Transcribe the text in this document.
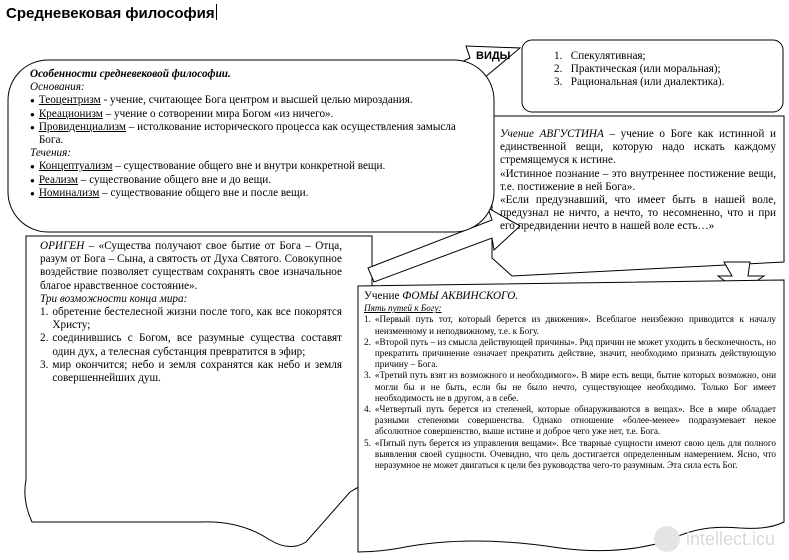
Средневековая философия
ВИДЫ	1.   Спекулятивная;
2.   Практическая (или моральная);
3.   Рациональная (или диалектика).
Особенности средневековой философии.
Основания:
● Теоцентризм - учение, считающее Бога центром и высшей целью мироздания.
● Креационизм – учение о сотворении мира Богом «из ничего».
● Провиденциализм – истолкование исторического процесса как осуществления замысла Бога.
Течения:
● Концептуализм – существование общего вне и внутри конкретной вещи.
● Реализм – существование общего вне и до вещи.
● Номинализм – существование общего вне и после вещи.
Учение АВГУСТИНА – учение о Боге как истинной и единственной вещи, которую надо искать каждому стремящемуся к истине.
«Истинное познание – это внутреннее постижение вещи, т.е. постижение в ней Бога».
«Если предузнавший, что имеет быть в нашей воле, предузнал не ничто, а нечто, то несомненно, что и при его предвидении нечто в нашей воле есть…»
ОРИГЕН – «Существа получают свое бытие от Бога – Отца, разум от Бога – Сына, а святость от Духа Святого. Совокупное воздействие позволяет существам сохранять свое изначальное благое нравственное состояние».
Три возможности конца мира:
1. обретение бестелесной жизни после того, как все покорятся Христу;
2. соединившись с Богом, все разумные существа составят один дух, а телесная субстанция превратится в эфир;
3. мир окончится; небо и земля сохранятся как небо и земля совершеннейших душ.
Учение ФОМЫ АКВИНСКОГО.
Пять путей к Богу:
1. «Первый путь тот, который берется из движения». Всеблагое неизбежно приводится к началу неизменному и неподвижному, т.е. к Богу.
2. «Второй путь – из смысла действующей причины». Ряд причин не может уходить в бесконечность, но прекратить причинение означает прекратить действие, значит, необходимо признать действующую причину – Бога.
3. «Третий путь взят из возможного и необходимого». В мире есть вещи, бытие которых возможно, они могли бы и не быть, если бы не было нечто, существующее необходимо. Только Бог имеет необходимость не в другом, а в себе.
4. «Четвертый путь берется из степеней, которые обнаруживаются в вещах». Все в мире обладает разными степенями совершенства. Однако отношение «более-менее» подразумевает некое абсолютное совершенство, выше истине и доброе чего уже нет, т.е. Бога.
5. «Пятый путь берется из управления вещами». Все тварные сущности имеют свою цель для полного выявления своей сущности. Очевидно, что цель достигается определенным намерением. Ясно, что неразумное не может двигаться к цели без руководства чего-то разумным. Эта сила есть Бог.
intellect.icu
